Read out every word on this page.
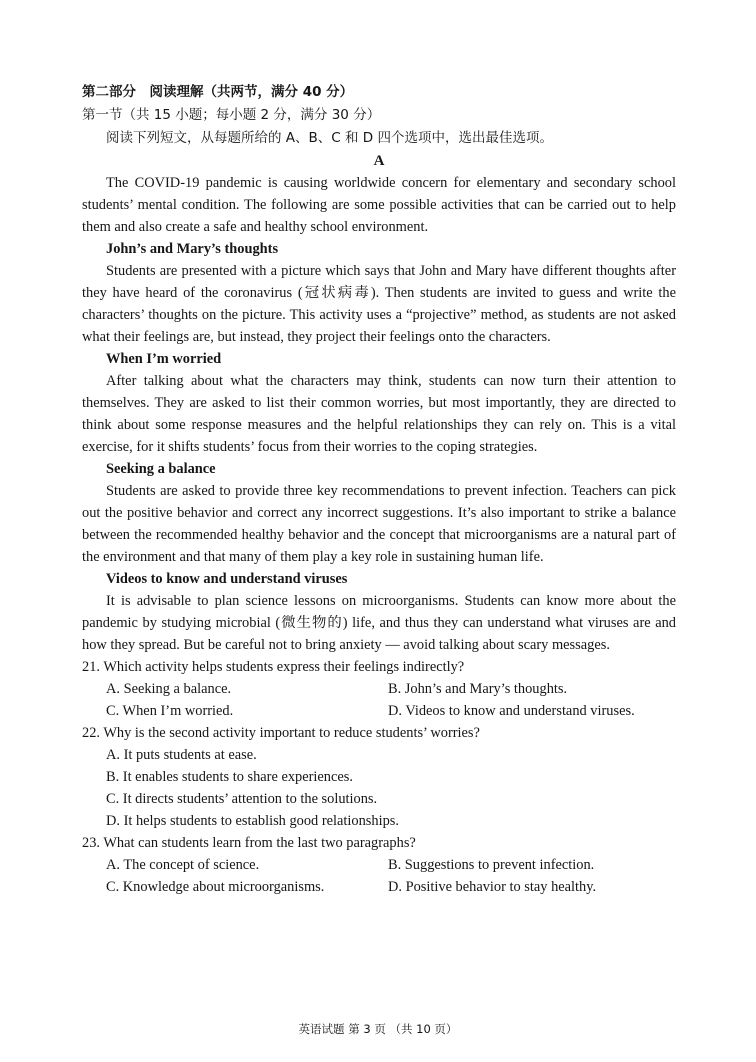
第二部分　阅读理解（共两节，满分 40 分）
第一节（共 15 小题；每小题 2 分，满分 30 分）
阅读下列短文，从每题所给的 A、B、C 和 D 四个选项中，选出最佳选项。
A

The COVID-19 pandemic is causing worldwide concern for elementary and secondary school students’ mental condition. The following are some possible activities that can be carried out to help them and also create a safe and healthy school environment.

John’s and Mary’s thoughts

Students are presented with a picture which says that John and Mary have different thoughts after they have heard of the coronavirus (冠状病毒). Then students are invited to guess and write the characters’ thoughts on the picture. This activity uses a “projective” method, as students are not asked what their feelings are, but instead, they project their feelings onto the characters.

When I’m worried

After talking about what the characters may think, students can now turn their attention to themselves. They are asked to list their common worries, but most importantly, they are directed to think about some response measures and the helpful relationships they can rely on. This is a vital exercise, for it shifts students’ focus from their worries to the coping strategies.

Seeking a balance

Students are asked to provide three key recommendations to prevent infection. Teachers can pick out the positive behavior and correct any incorrect suggestions. It’s also important to strike a balance between the recommended healthy behavior and the concept that microorganisms are a natural part of the environment and that many of them play a key role in sustaining human life.

Videos to know and understand viruses

It is advisable to plan science lessons on microorganisms. Students can know more about the pandemic by studying microbial (微生物的) life, and thus they can understand what viruses are and how they spread. But be careful not to bring anxiety — avoid talking about scary messages.

21. Which activity helps students express their feelings indirectly?
A. Seeking a balance.	B. John’s and Mary’s thoughts.
C. When I’m worried.	D. Videos to know and understand viruses.
22. Why is the second activity important to reduce students’ worries?
A. It puts students at ease.
B. It enables students to share experiences.
C. It directs students’ attention to the solutions.
D. It helps students to establish good relationships.
23. What can students learn from the last two paragraphs?
A. The concept of science.	B. Suggestions to prevent infection.
C. Knowledge about microorganisms.	D. Positive behavior to stay healthy.
英语试题 第 3 页 （共 10 页）
